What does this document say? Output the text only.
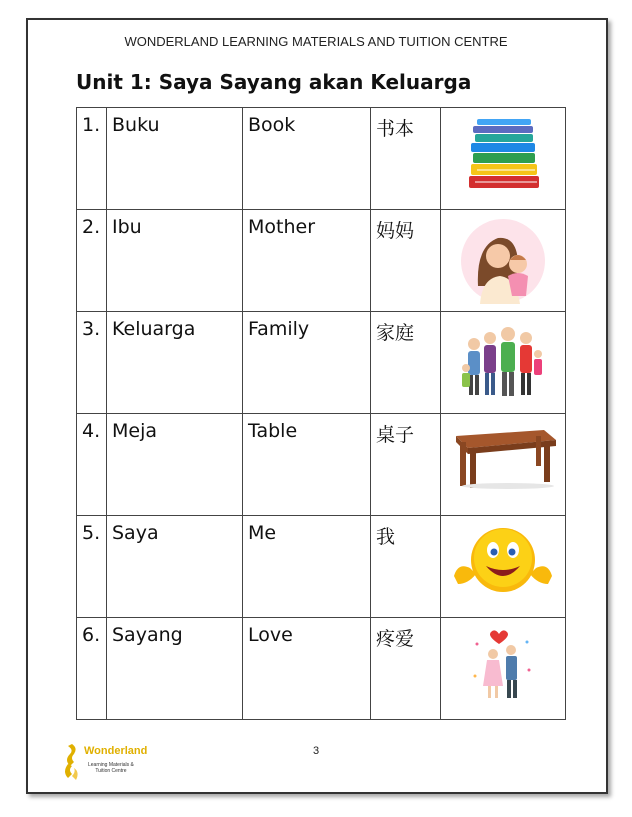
WONDERLAND LEARNING MATERIALS AND TUITION CENTRE
Unit 1: Saya Sayang akan Keluarga
1.	Buku	Book	书本	

2.	Ibu	Mother	妈妈	

3.	Keluarga	Family	家庭	

4.	Meja	Table	桌子	

5.	Saya	Me	我	

6.	Sayang	Love	疼爱	
3
Wonderland
Learning Materials &
Tuition Centre
